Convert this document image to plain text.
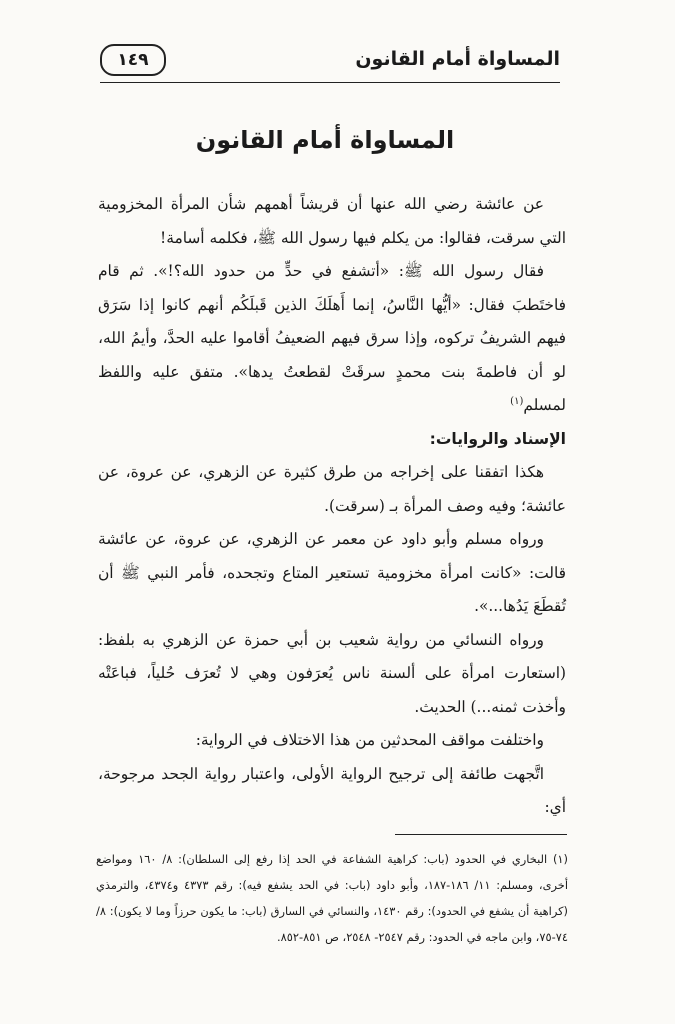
المساواة أمام القانون
١٤٩
المساواة أمام القانون

عن عائشة رضي الله عنها أن قريشاً أهمهم شأن المرأة المخزومية التي سرقت، فقالوا: من يكلم فيها رسول الله ﷺ، فكلمه أسامة!

فقال رسول الله ﷺ: «أتشفع في حدٍّ من حدود الله؟!». ثم قام فاختَطبَ فقال: «أيُّها النَّاسُ، إنما أَهلَكَ الذين قَبلَكُم أنهم كانوا إذا سَرَق فيهم الشريفُ تركوه، وإذا سرق فيهم الضعيفُ أقاموا عليه الحدَّ، وأيمُ الله، لو أن فاطمةَ بنت محمدٍ سرقَتْ لقطعتُ يدها». متفق عليه واللفظ لمسلم$^{(١)}$

الإسناد والروايات:

هكذا اتفقنا على إخراجه من طرق كثيرة عن الزهري، عن عروة، عن عائشة؛ وفيه وصف المرأة بـ (سرقت).

ورواه مسلم وأبو داود عن معمر عن الزهري، عن عروة، عن عائشة قالت: «كانت امرأة مخزومية تستعير المتاع وتجحده، فأمر النبي ﷺ أن تُقطَعَ يَدُها...».

ورواه النسائي من رواية شعيب بن أبي حمزة عن الزهري به بلفظ: (استعارت امرأة على ألسنة ناس يُعرَفون وهي لا تُعرَف حُلياً، فباعَتْه وأخذت ثمنه...) الحديث.

واختلفت مواقف المحدثين من هذا الاختلاف في الرواية:

اتَّجهت طائفة إلى ترجيح الرواية الأولى، واعتبار رواية الجحد مرجوحة، أي:

(١) البخاري في الحدود (باب: كراهية الشفاعة في الحد إذا رفع إلى السلطان): ٨/ ١٦٠ ومواضع أخرى، ومسلم: ١١/ ١٨٦-١٨٧، وأبو داود (باب: في الحد يشفع فيه): رقم ٤٣٧٣ و٤٣٧٤، والترمذي (كراهية أن يشفع في الحدود): رقم ١٤٣٠، والنسائي في السارق (باب: ما يكون حرزاً وما لا يكون): ٨/ ٧٤-٧٥، وابن ماجه في الحدود: رقم ٢٥٤٧- ٢٥٤٨، ص ٨٥١-٨٥٢.
